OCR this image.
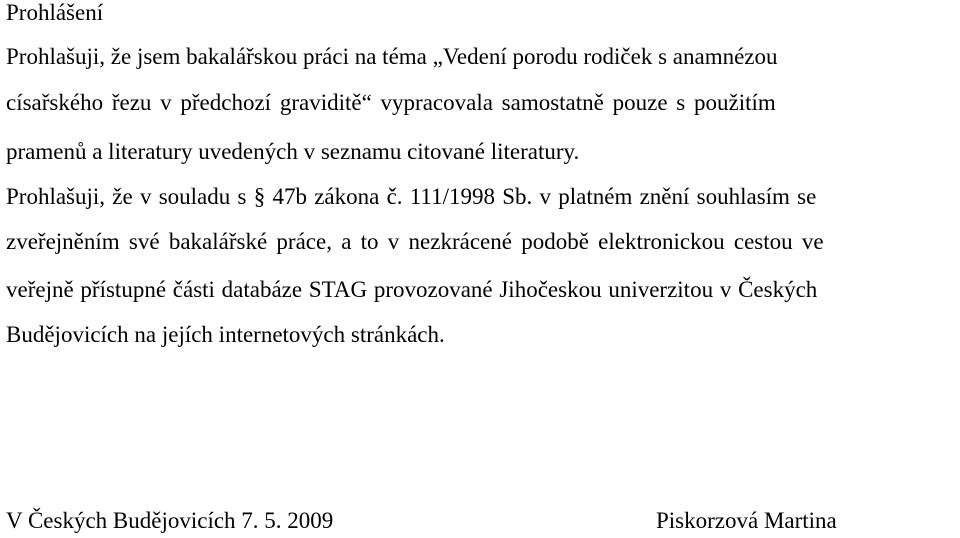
Prohlášení

Prohlašuji, že jsem bakalářskou práci na téma „Vedení porodu rodiček s anamnézou

císařského řezu v předchozí graviditě“ vypracovala samostatně pouze s použitím

pramenů a literatury uvedených v seznamu citované literatury.

Prohlašuji, že v souladu s § 47b zákona č. 111/1998 Sb. v platném znění souhlasím se

zveřejněním své bakalářské práce, a to v nezkrácené podobě elektronickou cestou ve

veřejně přístupné části databáze STAG provozované Jihočeskou univerzitou v Českých

Budějovicích na jejích internetových stránkách.

V Českých Budějovicích 7. 5. 2009	Piskorzová Martina
